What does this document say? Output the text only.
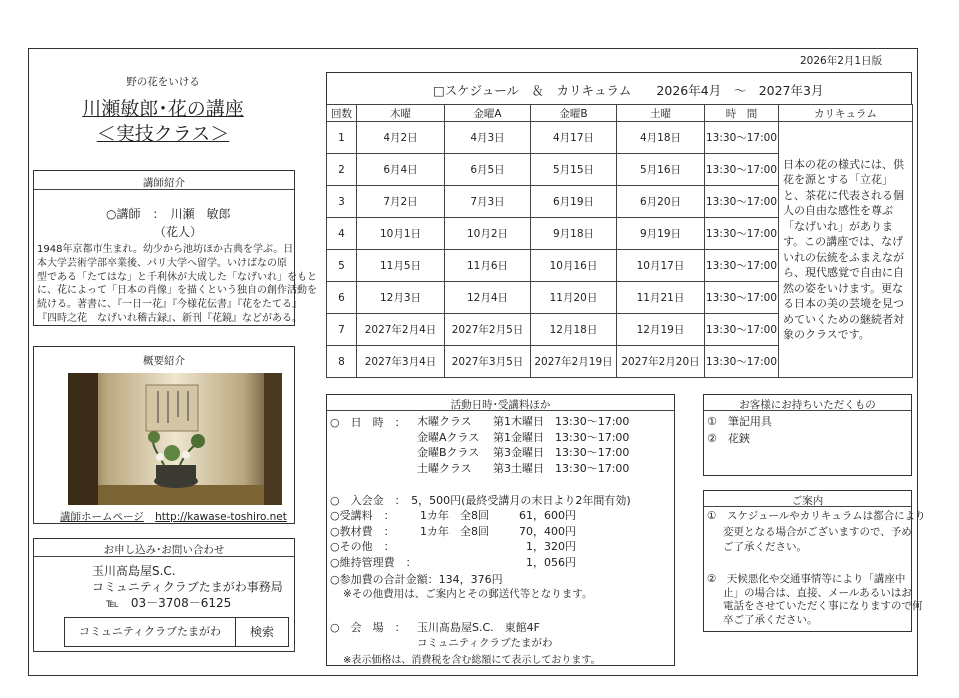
2026年2月1日版
野の花をいける
川瀬敏郎･花の講座
＜実技クラス＞
講師紹介
○講師　：　川瀬　敏郎
（花人）
1948年京都市生まれ。幼少から池坊ほか古典を学ぶ。日
本大学芸術学部卒業後、パリ大学へ留学。いけばなの原
型である「たてはな」と千利休が大成した「なげいれ」をもと
に、花によって「日本の肖像」を描くという独自の創作活動を
続ける。著書に、『一日一花』『今様花伝書』『花をたてる』
『四時之花　なげいれ稽古録』、新刊『花鏡』などがある。
概要紹介
講師ホームページ http://kawase-toshiro.net
お申し込み･お問い合わせ
玉川髙島屋S.C.
コミュニティクラブたまがわ事務局
℡　03－3708－6125
コミュニティクラブたまがわ	検索
□スケジュール　＆　カリキュラム　　2026年4月　～　2027年3月
回数	木曜	金曜A	金曜B	土曜	時　間	カリキュラム
1	4月2日	4月3日	4月17日	4月18日	13:30～17:00	日本の花の様式には、供花を源とする「立花」と、茶花に代表される個人の自由な感性を尊ぶ「なげいれ」があります。この講座では、なげいれの伝統をふまえながら、現代感覚で自由に自然の姿をいけます。更なる日本の美の芸境を見つめていくための継続者対象のクラスです。
2	6月4日	6月5日	5月15日	5月16日	13:30～17:00	
3	7月2日	7月3日	6月19日	6月20日	13:30～17:00	
4	10月1日	10月2日	9月18日	9月19日	13:30～17:00	
5	11月5日	11月6日	10月16日	10月17日	13:30～17:00	
6	12月3日	12月4日	11月20日	11月21日	13:30～17:00	
7	2027年2月4日	2027年2月5日	12月18日	12月19日	13:30～17:00	
8	2027年3月4日	2027年3月5日	2027年2月19日	2027年2月20日	13:30～17:00	
活動日時･受講料ほか
○　日　時　： 木曜クラス 第1木曜日　13:30～17:00
金曜Aクラス 第1金曜日　13:30～17:00
金曜Bクラス 第3金曜日　13:30～17:00
土曜クラス 第3土曜日　13:30～17:00
○　入会金　：　5，500円(最終受講月の末日より2年間有効)
○受講料　： 1カ年　全8回	61，600円
○教材費　： 1カ年　全8回	70，400円
○その他　：	1，320円
○維持管理費　：	1，056円
○参加費の合計金額：134，376円
※その他費用は、ご案内とその郵送代等となります。
○　会　場　： 玉川髙島屋S.C.　東館4F
コミュニティクラブたまがわ
※表示価格は、消費税を含む総額にて表示しております。
お客様にお持ちいただくもの
①　筆記用具
②　花鋏
ご案内
①　スケジュールやカリキュラムは都合により
変更となる場合がございますので、予め
ご了承ください。
②　天候悪化や交通事情等により「講座中
止」の場合は、直接、メールあるいはお
電話をさせていただく事になりますので何
卒ご了承ください。
